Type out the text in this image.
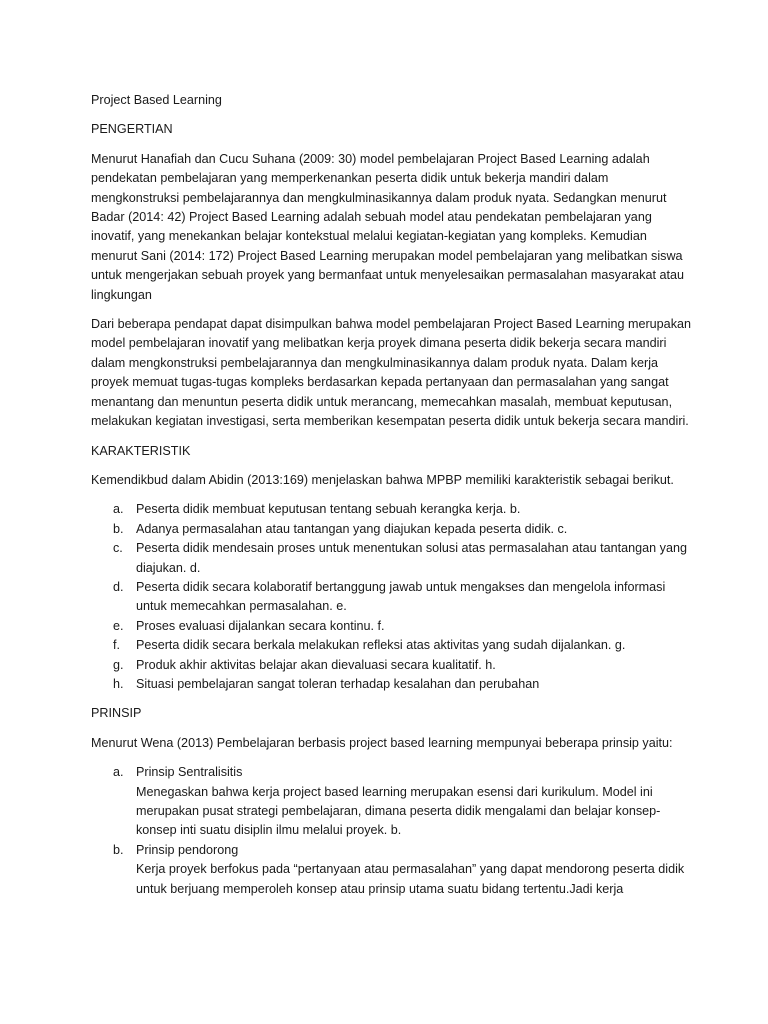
Project Based Learning
PENGERTIAN
Menurut Hanafiah dan Cucu Suhana (2009: 30) model pembelajaran Project Based Learning adalah pendekatan pembelajaran yang memperkenankan peserta didik untuk bekerja mandiri dalam mengkonstruksi pembelajarannya dan mengkulminasikannya dalam produk nyata. Sedangkan menurut Badar (2014: 42) Project Based Learning adalah sebuah model atau pendekatan pembelajaran yang inovatif, yang menekankan belajar kontekstual melalui kegiatan-kegiatan yang kompleks. Kemudian menurut Sani (2014: 172) Project Based Learning merupakan model pembelajaran yang melibatkan siswa untuk mengerjakan sebuah proyek yang bermanfaat untuk menyelesaikan permasalahan masyarakat atau lingkungan
Dari beberapa pendapat dapat disimpulkan bahwa model pembelajaran Project Based Learning merupakan model pembelajaran inovatif yang melibatkan kerja proyek dimana peserta didik bekerja secara mandiri dalam mengkonstruksi pembelajarannya dan mengkulminasikannya dalam produk nyata. Dalam kerja proyek memuat tugas-tugas kompleks berdasarkan kepada pertanyaan dan permasalahan yang sangat menantang dan menuntun peserta didik untuk merancang, memecahkan masalah, membuat keputusan, melakukan kegiatan investigasi, serta memberikan kesempatan peserta didik untuk bekerja secara mandiri.
KARAKTERISTIK
Kemendikbud dalam Abidin (2013:169) menjelaskan bahwa MPBP memiliki karakteristik sebagai berikut.
a. Peserta didik membuat keputusan tentang sebuah kerangka kerja. b.
b. Adanya permasalahan atau tantangan yang diajukan kepada peserta didik. c.
c. Peserta didik mendesain proses untuk menentukan solusi atas permasalahan atau tantangan yang diajukan. d.
d. Peserta didik secara kolaboratif bertanggung jawab untuk mengakses dan mengelola informasi untuk memecahkan permasalahan. e.
e. Proses evaluasi dijalankan secara kontinu. f.
f. Peserta didik secara berkala melakukan refleksi atas aktivitas yang sudah dijalankan. g.
g. Produk akhir aktivitas belajar akan dievaluasi secara kualitatif. h.
h. Situasi pembelajaran sangat toleran terhadap kesalahan dan perubahan
PRINSIP
Menurut Wena (2013) Pembelajaran berbasis project based learning mempunyai beberapa prinsip yaitu:
a. Prinsip Sentralisitis
Menegaskan bahwa kerja project based learning merupakan esensi dari kurikulum. Model ini merupakan pusat strategi pembelajaran, dimana peserta didik mengalami dan belajar konsep-konsep inti suatu disiplin ilmu melalui proyek. b.
b. Prinsip pendorong
Kerja proyek berfokus pada “pertanyaan atau permasalahan” yang dapat mendorong peserta didik untuk berjuang memperoleh konsep atau prinsip utama suatu bidang tertentu.Jadi kerja
